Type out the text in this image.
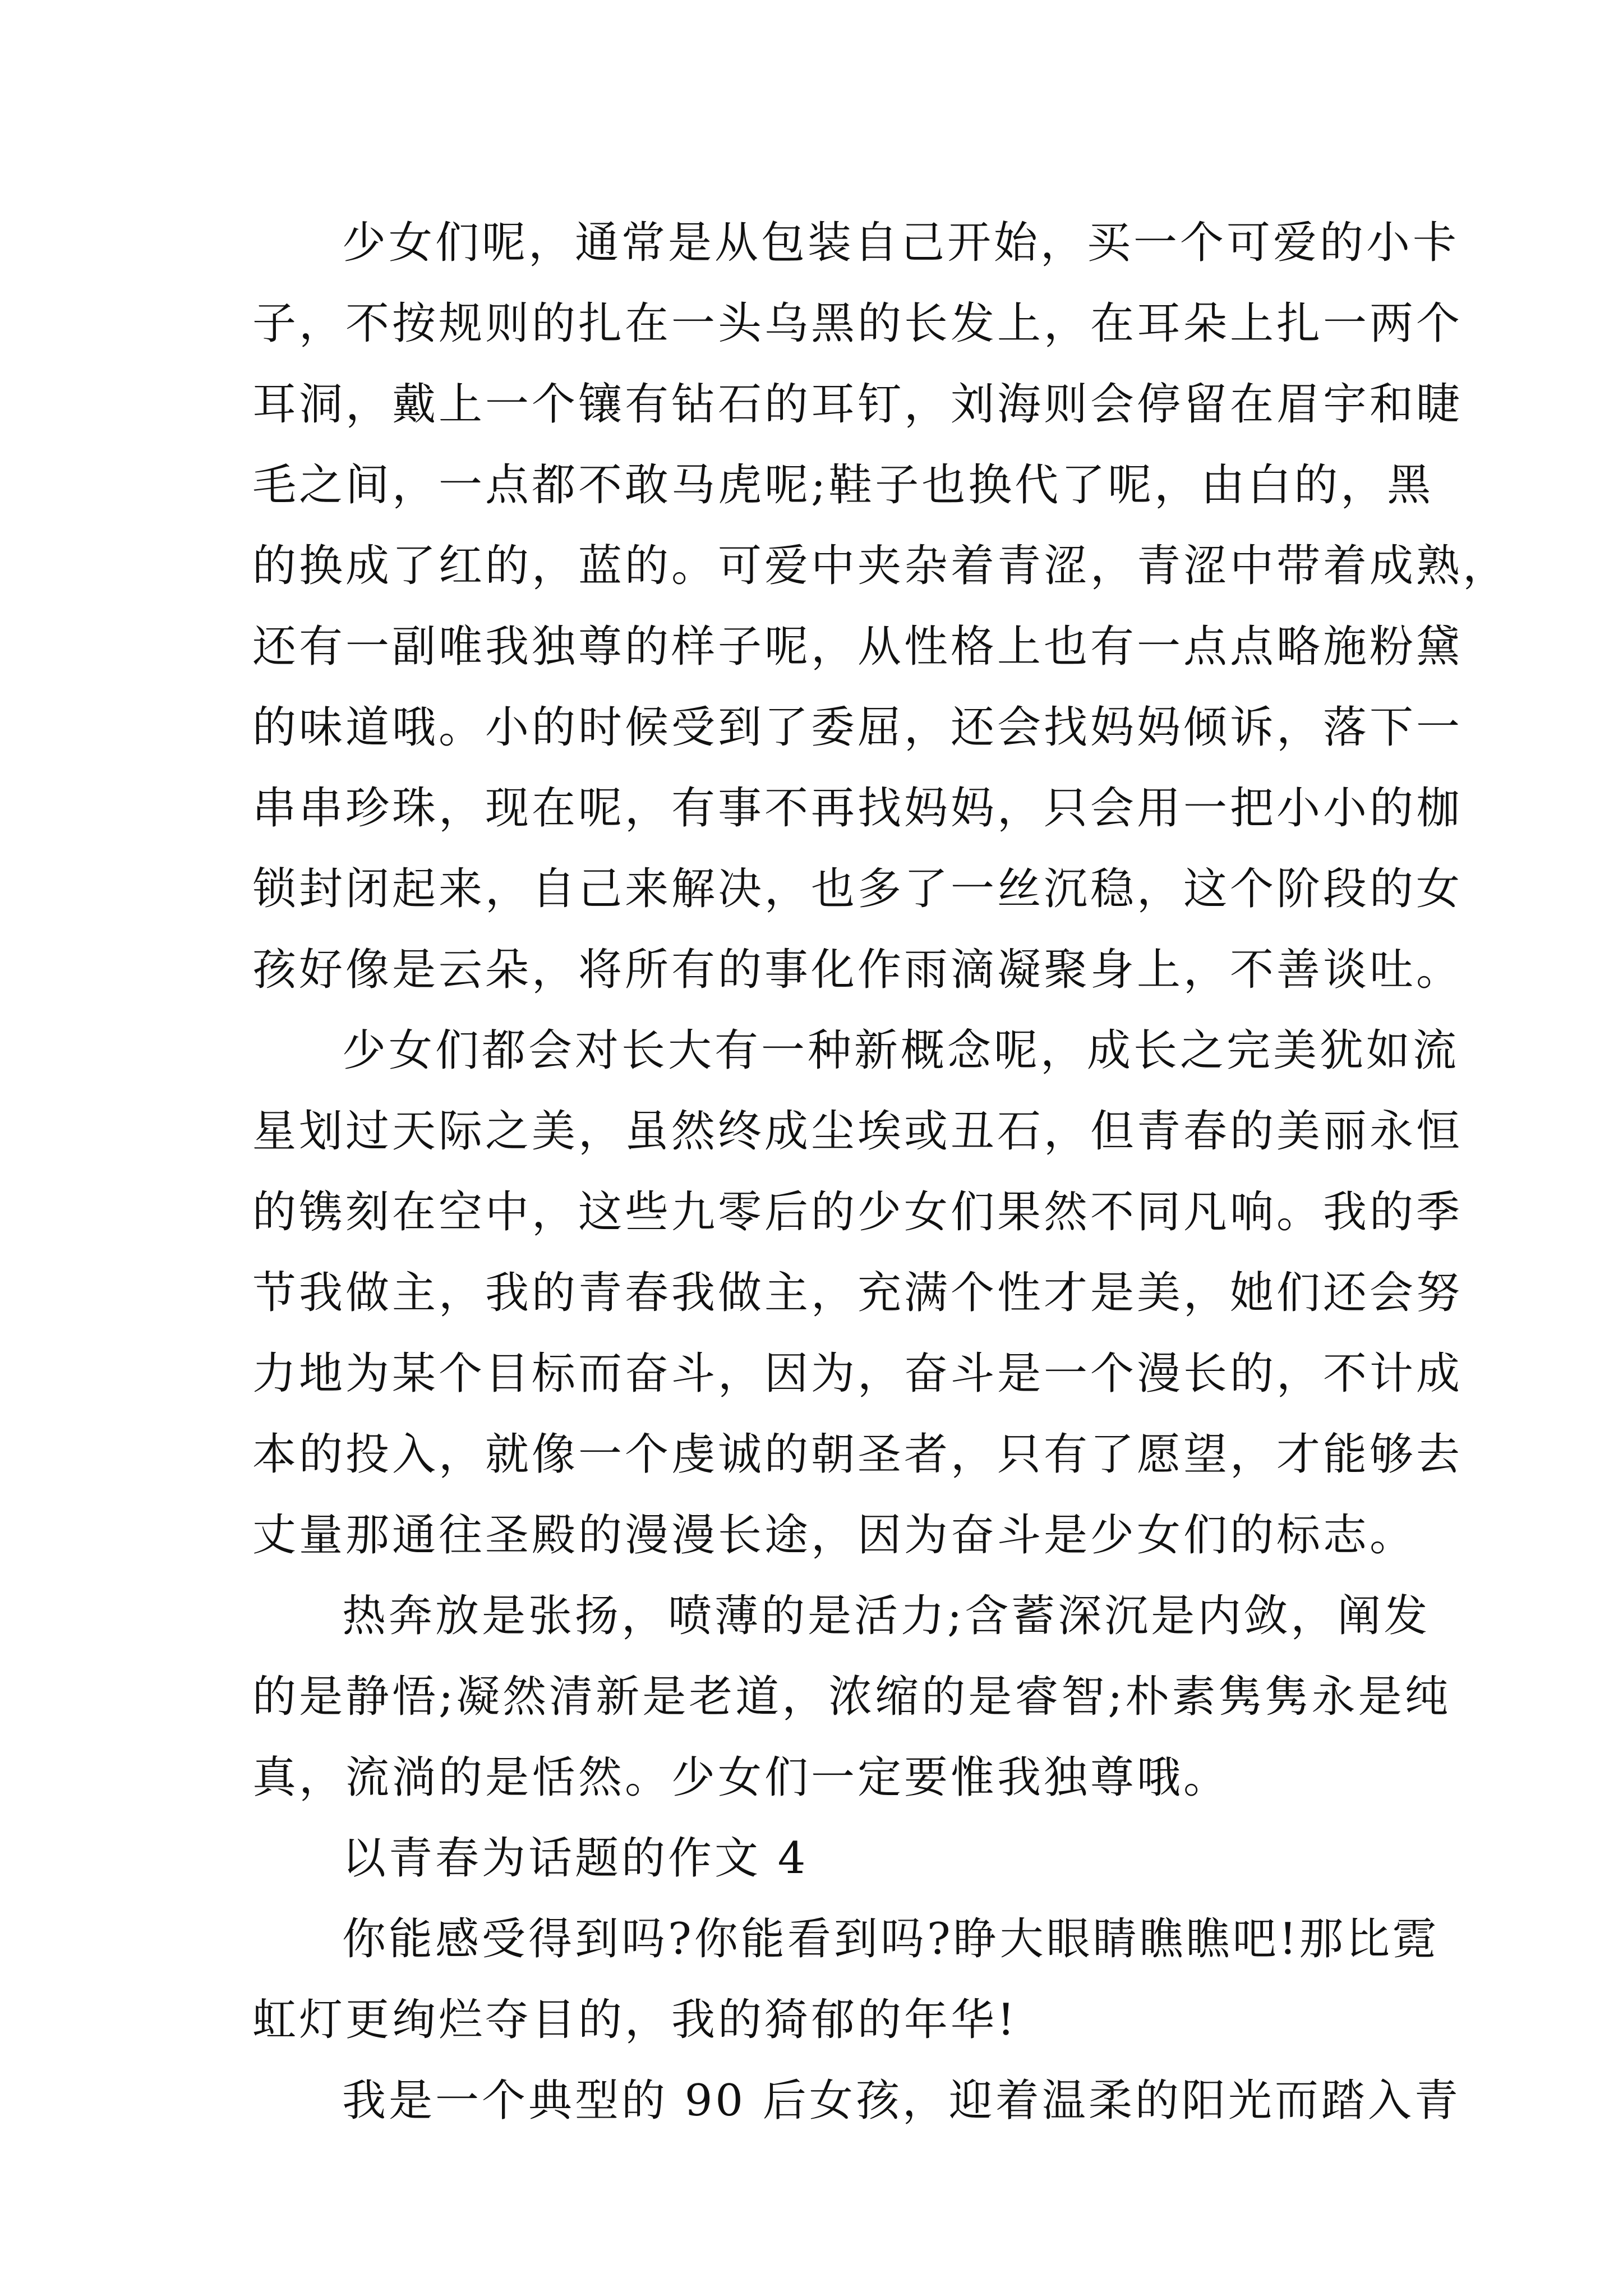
少女们呢，通常是从包装自己开始，买一个可爱的小卡
子，不按规则的扎在一头乌黑的长发上，在耳朵上扎一两个
耳洞，戴上一个镶有钻石的耳钉，刘海则会停留在眉宇和睫
毛之间，一点都不敢马虎呢;鞋子也换代了呢，由白的，黑
的换成了红的，蓝的。可爱中夹杂着青涩，青涩中带着成熟，
还有一副唯我独尊的样子呢，从性格上也有一点点略施粉黛
的味道哦。小的时候受到了委屈，还会找妈妈倾诉，落下一
串串珍珠，现在呢，有事不再找妈妈，只会用一把小小的枷
锁封闭起来，自己来解决，也多了一丝沉稳，这个阶段的女
孩好像是云朵，将所有的事化作雨滴凝聚身上，不善谈吐。
少女们都会对长大有一种新概念呢，成长之完美犹如流
星划过天际之美，虽然终成尘埃或丑石，但青春的美丽永恒
的镌刻在空中，这些九零后的少女们果然不同凡响。我的季
节我做主，我的青春我做主，充满个性才是美，她们还会努
力地为某个目标而奋斗，因为，奋斗是一个漫长的，不计成
本的投入，就像一个虔诚的朝圣者，只有了愿望，才能够去
丈量那通往圣殿的漫漫长途，因为奋斗是少女们的标志。
热奔放是张扬，喷薄的是活力;含蓄深沉是内敛，阐发
的是静悟;凝然清新是老道，浓缩的是睿智;朴素隽隽永是纯
真，流淌的是恬然。少女们一定要惟我独尊哦。
以青春为话题的作文 4
你能感受得到吗?你能看到吗?睁大眼睛瞧瞧吧!那比霓
虹灯更绚烂夺目的，我的猗郁的年华!
我是一个典型的 90 后女孩，迎着温柔的阳光而踏入青
